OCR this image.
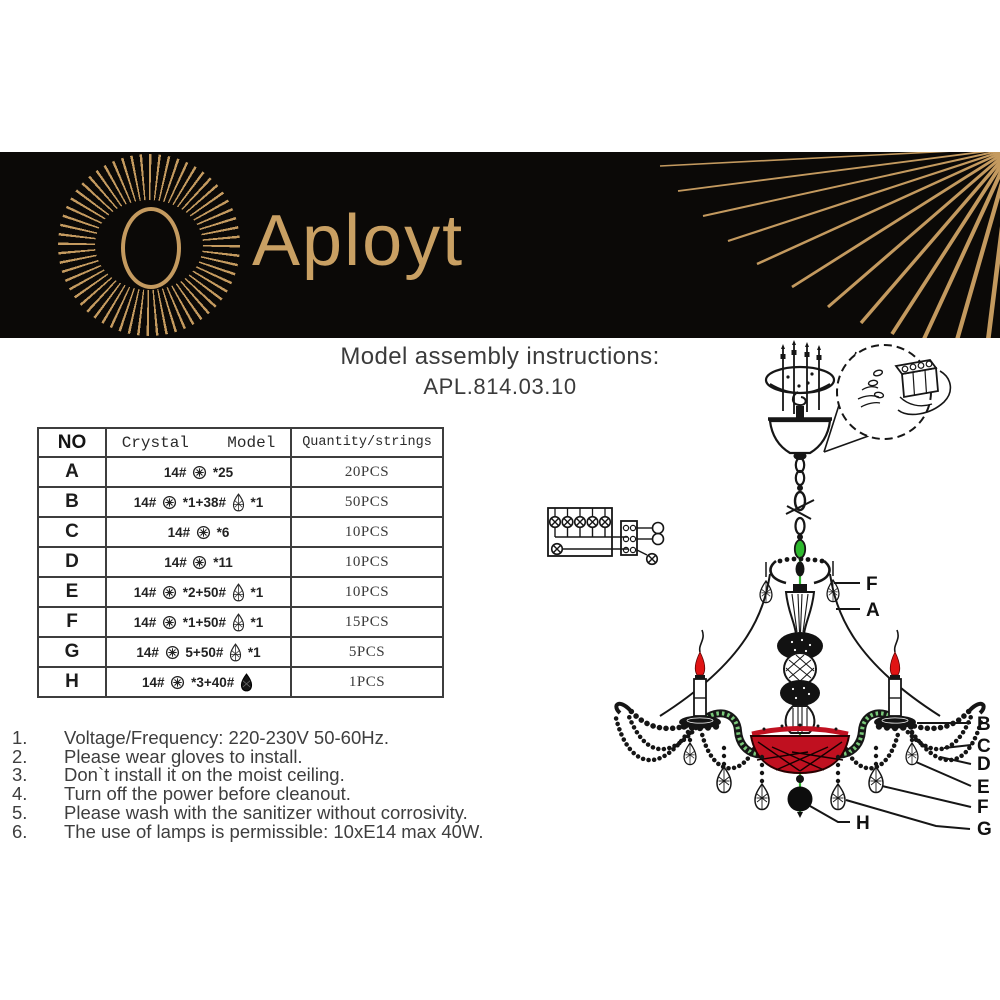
Aployt
Model assembly instructions:
APL.814.03.10
NO	Crystal    Model	Quantity/strings
A	14#  *25	20PCS
B	14#  *1+38#  *1	50PCS
C	14#  *6	10PCS
D	14#  *11	10PCS
E	14#  *2+50#  *1	10PCS
F	14#  *1+50#  *1	15PCS
G	14#  5+50#  *1	5PCS
H	14#  *3+40#	1PCS
1.	Voltage/Frequency: 220-230V 50-60Hz.
2.	Please wear gloves to install.
3.	Don`t install it on the moist ceiling.
4.	Turn off the power before cleanout.
5.	Please wash with the sanitizer without corrosivity.
6.	The use of lamps is permissible: 10xE14 max 40W.
F
A
B
C
D
E
F
G
H
